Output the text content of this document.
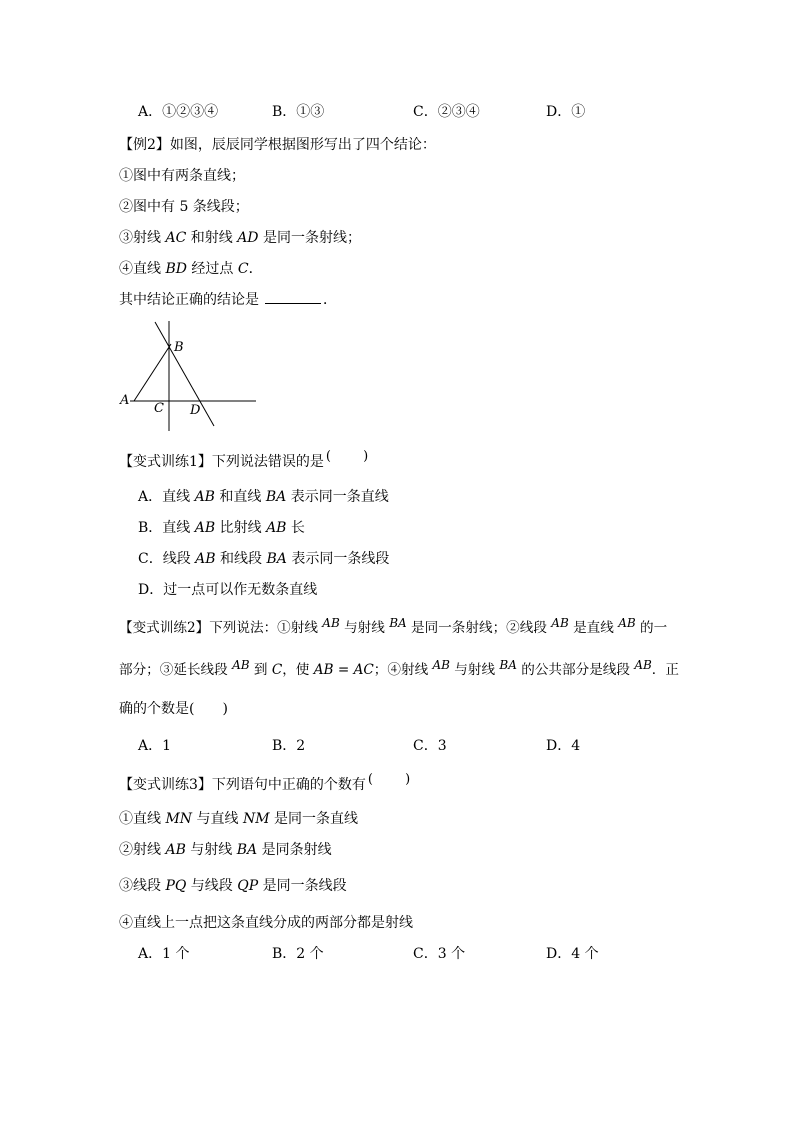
A．①②③④	B．①③	C．②③④	D．①
【例2】如图，辰辰同学根据图形写出了四个结论：
①图中有两条直线；
②图中有 5 条线段；
③射线 AC 和射线 AD 是同一条射线；
④直线 BD 经过点 C．
其中结论正确的结论是	．
B
A
C D
【变式训练1】下列说法错误的是 ( )
A．直线 AB 和直线 BA 表示同一条直线
B．直线 AB 比射线 AB 长
C．线段 AB 和线段 BA 表示同一条线段
D．过一点可以作无数条直线
【变式训练2】下列说法：①射线 AB 与射线 BA 是同一条射线；②线段 AB 是直线 AB 的一
部分；③延长线段 AB 到 C，使 AB = AC；④射线 AB 与射线 BA 的公共部分是线段 AB．正
确的个数是(　　)
A．1	B．2	C．3	D．4
【变式训练3】下列语句中正确的个数有 ( )
①直线 MN 与直线 NM 是同一条直线
②射线 AB 与射线 BA 是同条射线
③线段 PQ 与线段 QP 是同一条线段
④直线上一点把这条直线分成的两部分都是射线
A．1 个	B．2 个	C．3 个	D．4 个
